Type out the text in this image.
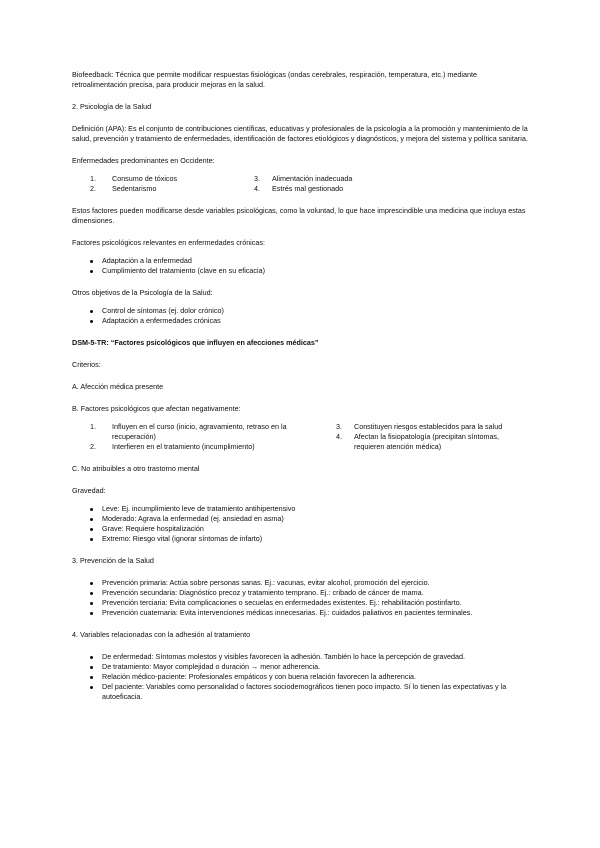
Biofeedback: Técnica que permite modificar respuestas fisiológicas (ondas cerebrales, respiración, temperatura, etc.) mediante retroalimentación precisa, para producir mejoras en la salud.

2. Psicología de la Salud

Definición (APA): Es el conjunto de contribuciones científicas, educativas y profesionales de la psicología a la promoción y mantenimiento de la salud, prevención y tratamiento de enfermedades, identificación de factores etiológicos y diagnósticos, y mejora del sistema y política sanitaria.

Enfermedades predominantes en Occidente:

1.	Consumo de tóxicos
2.	Sedentarismo
3.	Alimentación inadecuada
4.	Estrés mal gestionado

Estos factores pueden modificarse desde variables psicológicas, como la voluntad, lo que hace imprescindible una medicina que incluya estas dimensiones.

Factores psicológicos relevantes en enfermedades crónicas:

Adaptación a la enfermedad
Cumplimiento del tratamiento (clave en su eficacia)

Otros objetivos de la Psicología de la Salud:

Control de síntomas (ej. dolor crónico)
Adaptación a enfermedades crónicas

DSM-5-TR: “Factores psicológicos que influyen en afecciones médicas”

Criterios:

A. Afección médica presente

B. Factores psicológicos que afectan negativamente:

1.	Influyen en el curso (inicio, agravamiento, retraso en la recuperación)
2.	Interfieren en el tratamiento (incumplimiento)
3.	Constituyen riesgos establecidos para la salud
4.	Afectan la fisiopatología (precipitan síntomas, requieren atención médica)

C. No atribuibles a otro trastorno mental

Gravedad:

Leve: Ej. incumplimiento leve de tratamiento antihipertensivo
Moderado: Agrava la enfermedad (ej. ansiedad en asma)
Grave: Requiere hospitalización
Extremo: Riesgo vital (ignorar síntomas de infarto)

3. Prevención de la Salud

Prevención primaria: Actúa sobre personas sanas. Ej.: vacunas, evitar alcohol, promoción del ejercicio.
Prevención secundaria: Diagnóstico precoz y tratamiento temprano. Ej.: cribado de cáncer de mama.
Prevención terciaria: Evita complicaciones o secuelas en enfermedades existentes. Ej.: rehabilitación postinfarto.
Prevención cuaternaria: Evita intervenciones médicas innecesarias. Ej.: cuidados paliativos en pacientes terminales.

4. Variables relacionadas con la adhesión al tratamiento

De enfermedad: Síntomas molestos y visibles favorecen la adhesión. También lo hace la percepción de gravedad.
De tratamiento: Mayor complejidad o duración → menor adherencia.
Relación médico-paciente: Profesionales empáticos y con buena relación favorecen la adherencia.
Del paciente: Variables como personalidad o factores sociodemográficos tienen poco impacto. Sí lo tienen las expectativas y la autoeficacia.
